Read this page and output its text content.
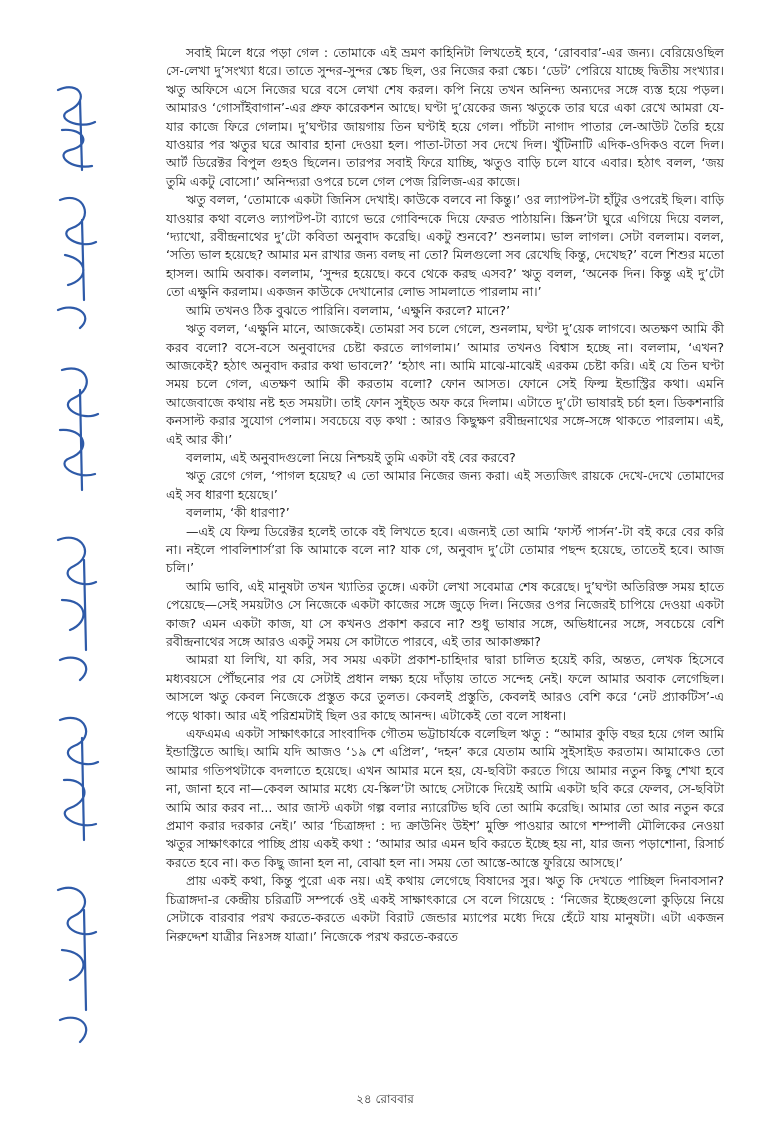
সবাই মিলে ধরে পড়া গেল : তোমাকে এই ভ্রমণ কাহিনিটা লিখতেই হবে, ‘রোববার’-এর জন্য। বেরিয়েওছিল সে-লেখা দু’সংখ্যা ধরে। তাতে সুন্দর-সুন্দর স্কেচ ছিল, ওর নিজের করা স্কেচ। ‘ডেট’ পেরিয়ে যাচ্ছে দ্বিতীয় সংখ্যার। ঋতু অফিসে এসে নিজের ঘরে বসে লেখা শেষ করল। কপি নিয়ে তখন অনিন্দ্য অন্যদের সঙ্গে ব্যস্ত হয়ে পড়ল। আমারও ‘গোসাঁইবাগান’-এর প্রুফ কারেকশন আছে। ঘণ্টা দু’য়েকের জন্য ঋতুকে তার ঘরে একা রেখে আমরা যে-যার কাজে ফিরে গেলাম। দু’ঘণ্টার জায়গায় তিন ঘণ্টাই হয়ে গেল। পাঁচটা নাগাদ পাতার লে-আউট তৈরি হয়ে যাওয়ার পর ঋতুর ঘরে আবার হানা দেওয়া হল। পাতা-টাতা সব দেখে দিল। খুঁটিনাটি এদিক-ওদিকও বলে দিল। আর্ট ডিরেক্টর বিপুল গুহও ছিলেন। তারপর সবাই ফিরে যাচ্ছি, ঋতুও বাড়ি চলে যাবে এবার। হঠাৎ বলল, ‘জয় তুমি একটু বোসো।’ অনিন্দ্যরা ওপরে চলে গেল পেজ রিলিজ-এর কাজে।

ঋতু বলল, ‘তোমাকে একটা জিনিস দেখাই। কাউকে বলবে না কিন্তু।’ ওর ল্যাপটপ-টা হাঁটুর ওপরেই ছিল। বাড়ি যাওয়ার কথা বলেও ল্যাপটপ-টা ব্যাগে ভরে গোবিন্দকে দিয়ে ফেরত পাঠায়নি। স্ক্রিন’টা ঘুরে এগিয়ে দিয়ে বলল, ‘দ্যাখো, রবীন্দ্রনাথের দু’টো কবিতা অনুবাদ করেছি। একটু শুনবে?’ শুনলাম। ভাল লাগল। সেটা বললাম। বলল, ‘সত্যি ভাল হয়েছে? আমার মন রাখার জন্য বলছ না তো? মিলগুলো সব রেখেছি কিন্তু, দেখেছ?’ বলে শিশুর মতো হাসল। আমি অবাক। বললাম, ‘সুন্দর হয়েছে। কবে থেকে করছ এসব?’ ঋতু বলল, ‘অনেক দিন। কিন্তু এই দু’টো তো এক্ষুনি করলাম। একজন কাউকে দেখানোর লোভ সামলাতে পারলাম না।’

আমি তখনও ঠিক বুঝতে পারিনি। বললাম, ‘এক্ষুনি করলে? মানে?’

ঋতু বলল, ‘এক্ষুনি মানে, আজকেই। তোমরা সব চলে গেলে, শুনলাম, ঘণ্টা দু’য়েক লাগবে। অতক্ষণ আমি কী করব বলো? বসে-বসে অনুবাদের চেষ্টা করতে লাগলাম।’ আমার তখনও বিশ্বাস হচ্ছে না। বললাম, ‘এখন? আজকেই? হঠাৎ অনুবাদ করার কথা ভাবলে?’ ‘হঠাৎ না। আমি মাঝে-মাঝেই এরকম চেষ্টা করি। এই যে তিন ঘণ্টা সময় চলে গেল, এতক্ষণ আমি কী করতাম বলো? ফোন আসত। ফোনে সেই ফিল্ম ইন্ডাস্ট্রির কথা। এমনি আজেবাজে কথায় নষ্ট হত সময়টা। তাই ফোন সুইচ্‌ড অফ করে দিলাম। এটাতে দু’টো ভাষারই চর্চা হল। ডিকশনারি কনসাল্ট করার সুযোগ পেলাম। সবচেয়ে বড় কথা : আরও কিছুক্ষণ রবীন্দ্রনাথের সঙ্গে-সঙ্গে থাকতে পারলাম। এই, এই আর কী।’

বললাম, এই অনুবাদগুলো নিয়ে নিশ্চয়ই তুমি একটা বই বের করবে?

ঋতু রেগে গেল, ‘পাগল হয়েছ? এ তো আমার নিজের জন্য করা। এই সত্যজিৎ রায়কে দেখে-দেখে তোমাদের এই সব ধারণা হয়েছে।’

বললাম, ‘কী ধারণা?’

—এই যে ফিল্ম ডিরেক্টর হলেই তাকে বই লিখতে হবে। এজন্যই তো আমি ‘ফার্স্ট পার্সন’-টা বই করে বের করি না। নইলে পাবলিশার্স’রা কি আমাকে বলে না? যাক গে, অনুবাদ দু’টো তোমার পছন্দ হয়েছে, তাতেই হবে। আজ চলি।’

আমি ভাবি, এই মানুষটা তখন খ্যাতির তুঙ্গে। একটা লেখা সবেমাত্র শেষ করেছে। দু’ঘণ্টা অতিরিক্ত সময় হাতে পেয়েছে—সেই সময়টাও সে নিজেকে একটা কাজের সঙ্গে জুড়ে দিল। নিজের ওপর নিজেরই চাপিয়ে দেওয়া একটা কাজ? এমন একটা কাজ, যা সে কখনও প্রকাশ করবে না? শুধু ভাষার সঙ্গে, অভিধানের সঙ্গে, সবচেয়ে বেশি রবীন্দ্রনাথের সঙ্গে আরও একটু সময় সে কাটাতে পারবে, এই তার আকাঙ্ক্ষা?

আমরা যা লিখি, যা করি, সব সময় একটা প্রকাশ-চাহিদার দ্বারা চালিত হয়েই করি, অন্তত, লেখক হিসেবে মধ্যবয়সে পৌঁছনোর পর যে সেটাই প্রধান লক্ষ্য হয়ে দাঁড়ায় তাতে সন্দেহ নেই। ফলে আমার অবাক লেগেছিল। আসলে ঋতু কেবল নিজেকে প্রস্তুত করে তুলত। কেবলই প্রস্তুতি, কেবলই আরও বেশি করে ‘নেট প্র্যাকটিস’-এ পড়ে থাকা। আর এই পরিশ্রমটাই ছিল ওর কাছে আনন্দ। এটাকেই তো বলে সাধনা।

এফএমএ একটা সাক্ষাৎকারে সাংবাদিক গৌতম ভট্টাচার্যকে বলেছিল ঋতু : “আমার কুড়ি বছর হয়ে গেল আমি ইন্ডাস্ট্রিতে আছি। আমি যদি আজও ‘১৯ শে এপ্রিল’, ‘দহন’ করে যেতাম আমি সুইসাইড করতাম। আমাকেও তো আমার গতিপথটাকে বদলাতে হয়েছে। এখন আমার মনে হয়, যে-ছবিটা করতে গিয়ে আমার নতুন কিছু শেখা হবে না, জানা হবে না—কেবল আমার মধ্যে যে-স্কিল’টা আছে সেটাকে দিয়েই আমি একটা ছবি করে ফেলব, সে-ছবিটা আমি আর করব না... আর জাস্ট একটা গল্প বলার ন্যারেটিভ ছবি তো আমি করেছি। আমার তো আর নতুন করে প্রমাণ করার দরকার নেই।’ আর ‘চিত্রাঙ্গদা : দ্য ক্রাউনিং উইশ’ মুক্তি পাওয়ার আগে শম্পালী মৌলিকের নেওয়া ঋতুর সাক্ষাৎকারে পাচ্ছি প্রায় একই কথা : ‘আমার আর এমন ছবি করতে ইচ্ছে হয় না, যার জন্য পড়াশোনা, রিসার্চ করতে হবে না। কত কিছু জানা হল না, বোঝা হল না। সময় তো আস্তে-আস্তে ফুরিয়ে আসছে।’

প্রায় একই কথা, কিন্তু পুরো এক নয়। এই কথায় লেগেছে বিষাদের সুর। ঋতু কি দেখতে পাচ্ছিল দিনাবসান? চিত্রাঙ্গদা-র কেন্দ্রীয় চরিত্রটি সম্পর্কে ওই একই সাক্ষাৎকারে সে বলে গিয়েছে : ‘নিজের ইচ্ছেগুলো কুড়িয়ে নিয়ে সেটাকে বারবার পরখ করতে-করতে একটা বিরাট জেন্ডার ম্যাপের মধ্যে দিয়ে হেঁটে যায় মানুষটা। এটা একজন নিরুদ্দেশ যাত্রীর নিঃসঙ্গ যাত্রা।’ নিজেকে পরখ করতে-করতে

২৪ রোববার
